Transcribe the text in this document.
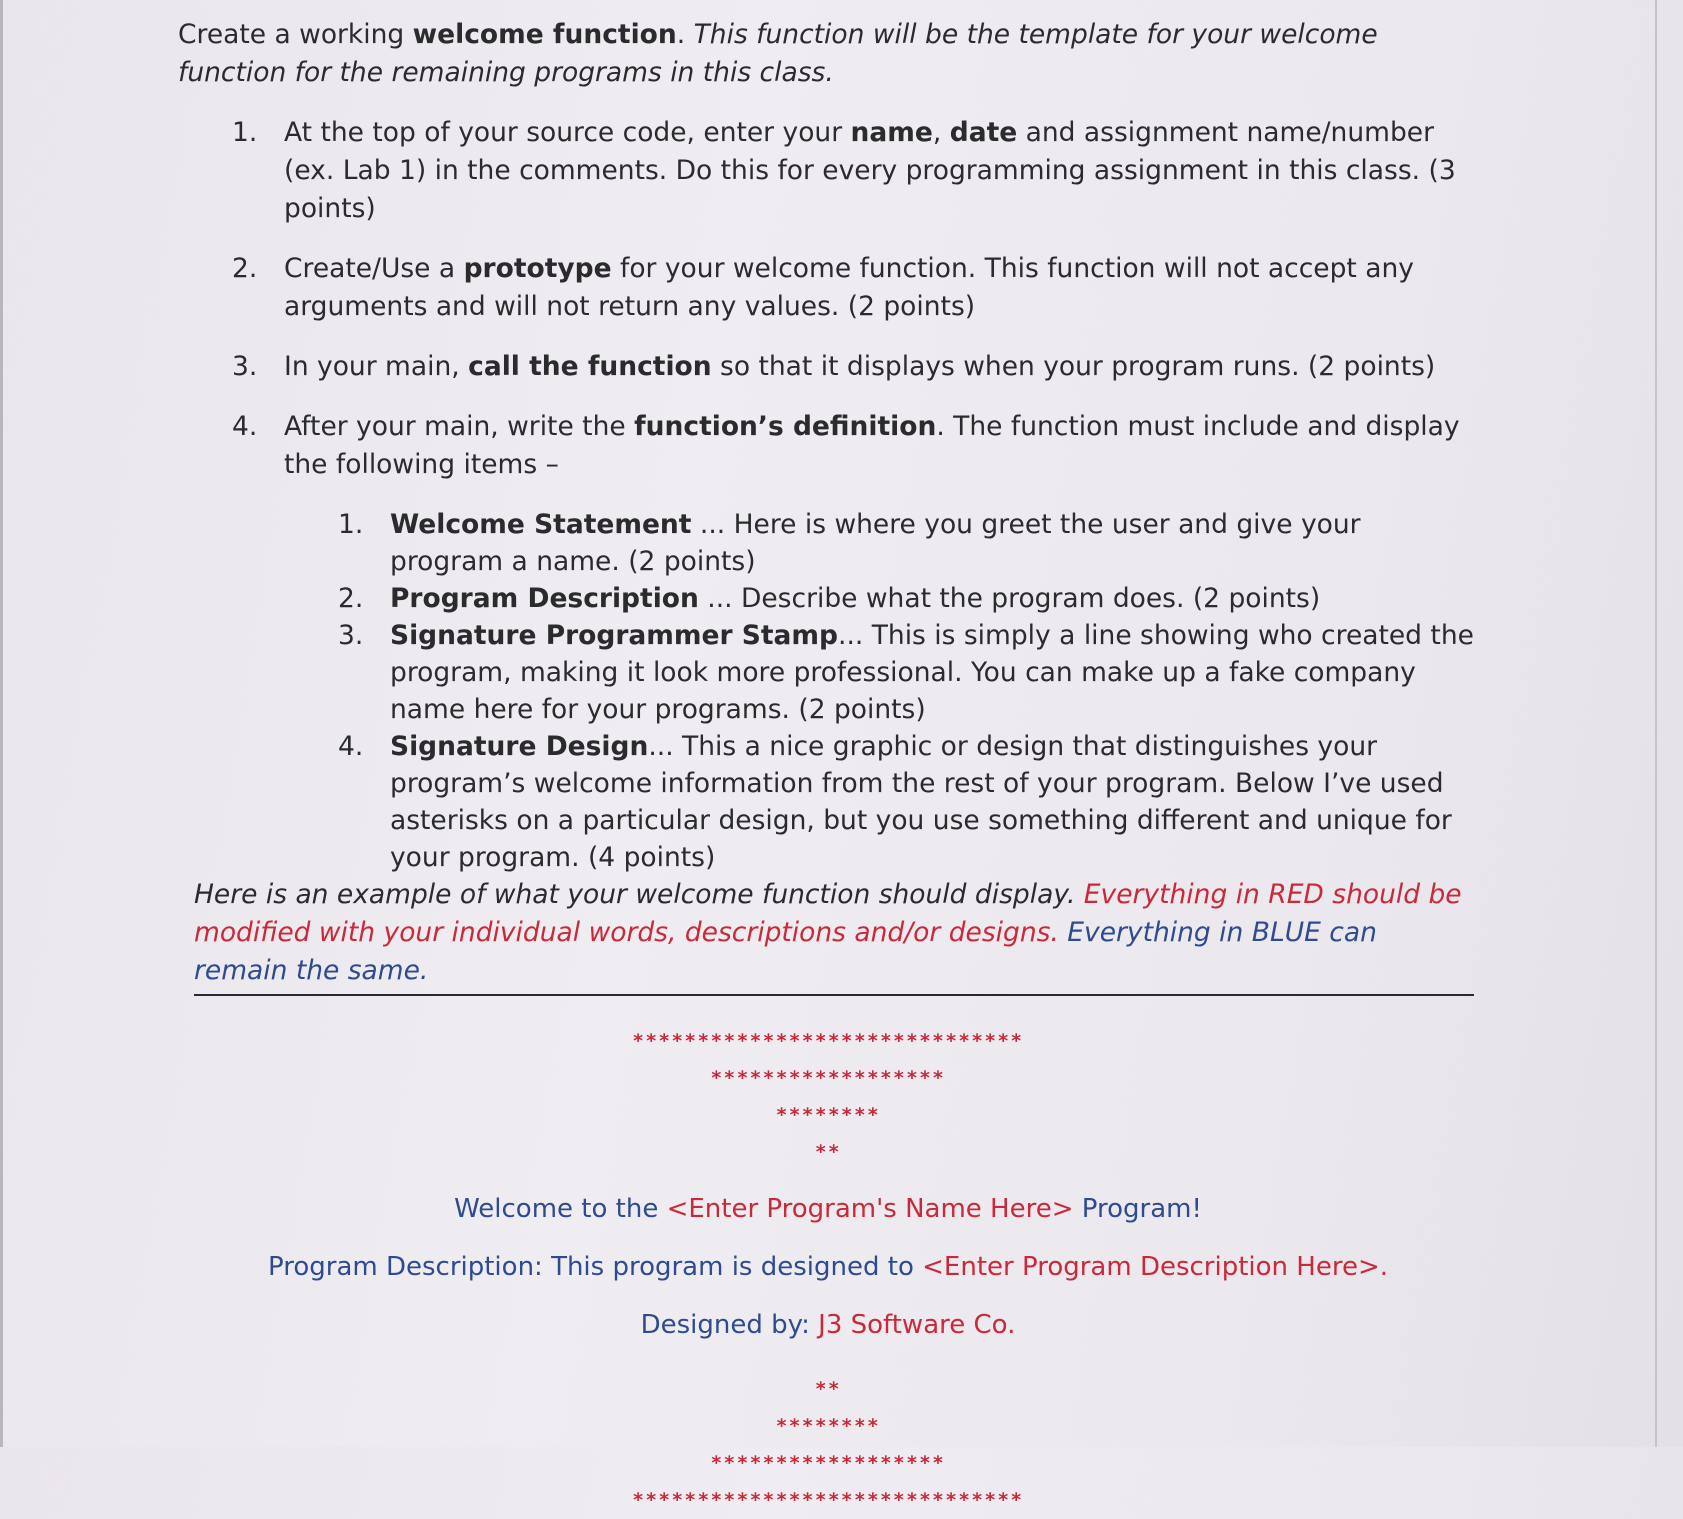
Create a working welcome function. This function will be the template for your welcome function for the remaining programs in this class.

1. At the top of your source code, enter your name, date and assignment name/number (ex. Lab 1) in the comments. Do this for every programming assignment in this class. (3 points)
2. Create/Use a prototype for your welcome function. This function will not accept any arguments and will not return any values. (2 points)
3. In your main, call the function so that it displays when your program runs. (2 points)
4. After your main, write the function’s definition. The function must include and display the following items –
1. Welcome Statement ... Here is where you greet the user and give your program a name. (2 points)
2. Program Description ... Describe what the program does. (2 points)
3. Signature Programmer Stamp... This is simply a line showing who created the program, making it look more professional. You can make up a fake company name here for your programs. (2 points)
4. Signature Design... This a nice graphic or design that distinguishes your program’s welcome information from the rest of your program. Below I’ve used asterisks on a particular design, but you use something different and unique for your program. (4 points)

Here is an example of what your welcome function should display. Everything in RED should be modified with your individual words, descriptions and/or designs. Everything in BLUE can remain the same.

******************************
******************
********
**
Welcome to the <Enter Program's Name Here> Program!
Program Description: This program is designed to <Enter Program Description Here>.
Designed by: J3 Software Co.
**
********
******************
******************************
